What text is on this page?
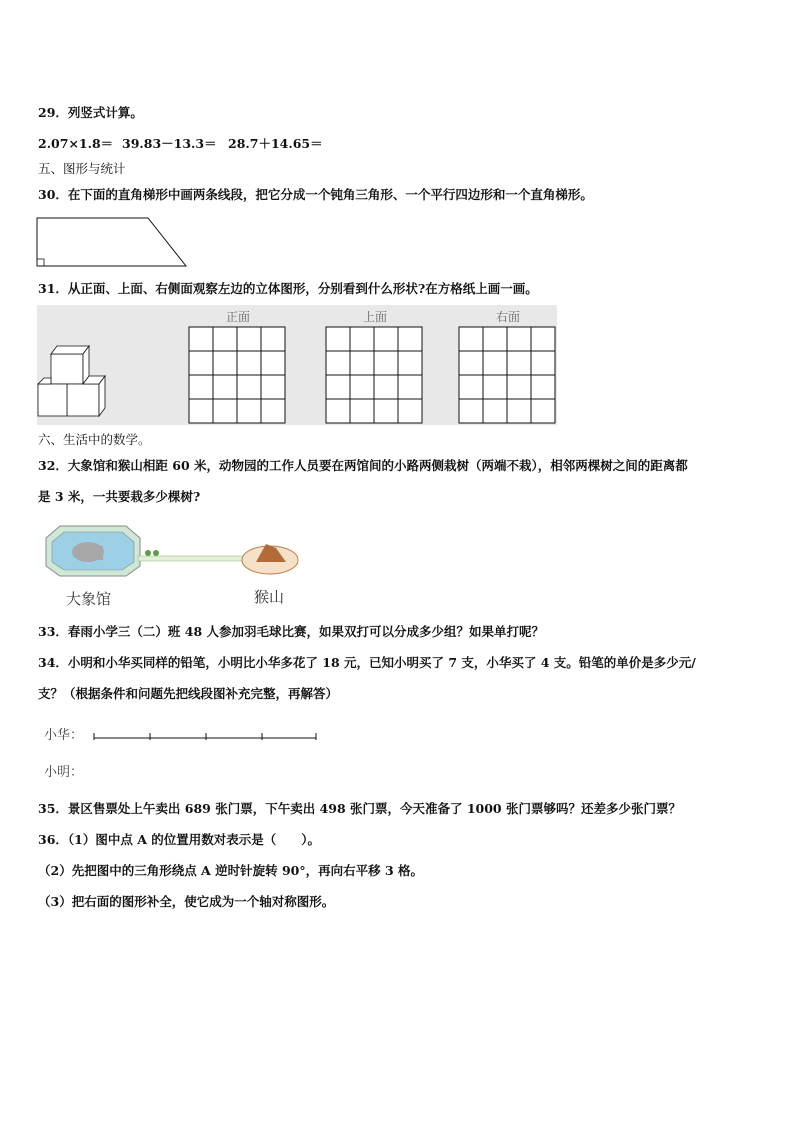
29．列竖式计算。
2.07×1.8＝ 39.83－13.3＝ 28.7＋14.65＝
五、图形与统计
30．在下面的直角梯形中画两条线段，把它分成一个钝角三角形、一个平行四边形和一个直角梯形。
31．从正面、上面、右侧面观察左边的立体图形，分别看到什么形状?在方格纸上画一画。
正面	上面	右面
六、生活中的数学。
32．大象馆和猴山相距 60 米，动物园的工作人员要在两馆间的小路两侧栽树（两端不栽），相邻两棵树之间的距离都
是 3 米，一共要栽多少棵树?
大象馆	猴山
33．春雨小学三（二）班 48 人参加羽毛球比赛，如果双打可以分成多少组？如果单打呢？
34．小明和小华买同样的铅笔，小明比小华多花了 18 元，已知小明买了 7 支，小华买了 4 支。铅笔的单价是多少元/
支？（根据条件和问题先把线段图补充完整，再解答）
小华：
小明：
35．景区售票处上午卖出 689 张门票，下午卖出 498 张门票，今天准备了 1000 张门票够吗？还差多少张门票？
36．（1）图中点 A 的位置用数对表示是（　　）。
（2）先把图中的三角形绕点 A 逆时针旋转 90°，再向右平移 3 格。
（3）把右面的图形补全，使它成为一个轴对称图形。
